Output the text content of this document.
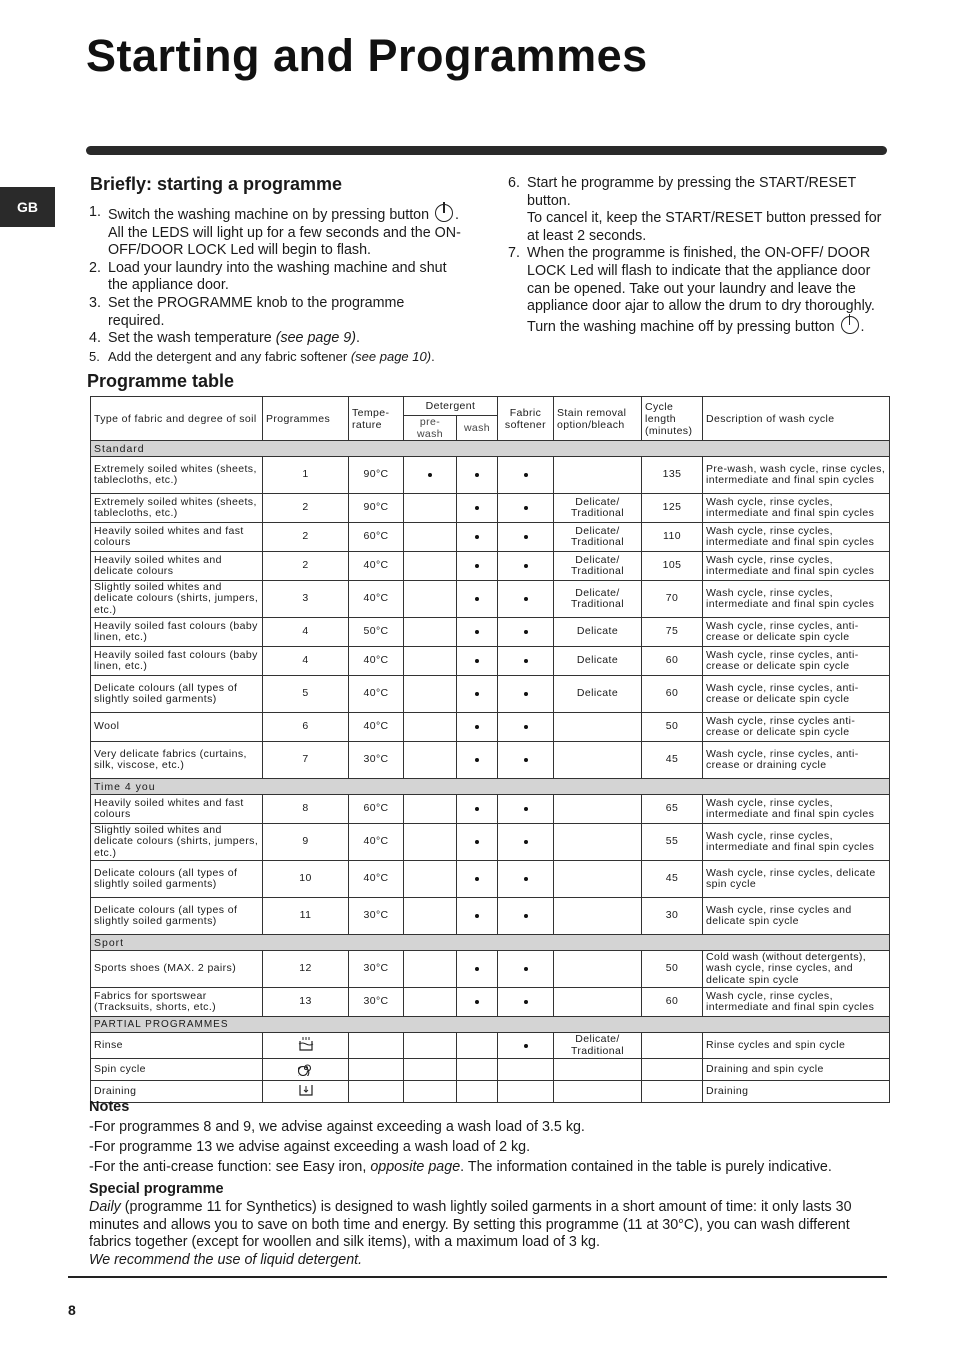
Starting and Programmes
GB
Briefly: starting a programme
1. Switch the washing machine on by pressing button . All the LEDS will light up for a few seconds and the ON-OFF/DOOR LOCK Led will begin to flash.
2. Load your laundry into the washing machine and shut the appliance door.
3. Set the PROGRAMME knob to the programme required.
4. Set the wash temperature (see page 9).
5. Add the detergent and any fabric softener (see page 10).
6. Start he programme by pressing the START/RESET button.
To cancel it, keep the START/RESET button pressed for at least 2 seconds.
7. When the programme is finished, the ON-OFF/ DOOR LOCK Led will flash to indicate that the appliance door can be opened. Take out your laundry and leave the appliance door ajar to allow the drum to dry thoroughly. Turn the washing machine off by pressing button .
Programme table
Type of fabric and degree of soil	Programmes	Tempe- rature	Detergent		Fabric softener	Stain removal option/bleach	Cycle length (minutes)	Description of wash cycle
			pre- wash	wash				
Standard								
Extremely soiled whites (sheets, tablecloths, etc.)	1	90°C					135	Pre-wash, wash cycle, rinse cycles, intermediate and final spin cycles
Extremely soiled whites (sheets, tablecloths, etc.)	2	90°C				Delicate/ Traditional	125	Wash cycle, rinse cycles, intermediate and final spin cycles
Heavily soiled whites and fast colours	2	60°C				Delicate/ Traditional	110	Wash cycle, rinse cycles, intermediate and final spin cycles
Heavily soiled whites and delicate colours	2	40°C				Delicate/ Traditional	105	Wash cycle, rinse cycles, intermediate and final spin cycles
Slightly soiled whites and delicate colours (shirts, jumpers, etc.)	3	40°C				Delicate/ Traditional	70	Wash cycle, rinse cycles, intermediate and final spin cycles
Heavily soiled fast colours (baby linen, etc.)	4	50°C				Delicate	75	Wash cycle, rinse cycles, anti-crease or delicate spin cycle
Heavily soiled fast colours (baby linen, etc.)	4	40°C				Delicate	60	Wash cycle, rinse cycles, anti-crease or delicate spin cycle
Delicate colours (all types of slightly soiled garments)	5	40°C				Delicate	60	Wash cycle, rinse cycles, anti-crease or delicate spin cycle
Wool	6	40°C					50	Wash cycle, rinse cycles anti-crease or delicate spin cycle
Very delicate fabrics (curtains, silk, viscose, etc.)	7	30°C					45	Wash cycle, rinse cycles, anti-crease or draining cycle
Time 4 you								
Heavily soiled whites and fast colours	8	60°C					65	Wash cycle, rinse cycles, intermediate and final spin cycles
Slightly soiled whites and delicate colours (shirts, jumpers, etc.)	9	40°C					55	Wash cycle, rinse cycles, intermediate and final spin cycles
Delicate colours (all types of slightly soiled garments)	10	40°C					45	Wash cycle, rinse cycles, delicate spin cycle
Delicate colours (all types of slightly soiled garments)	11	30°C					30	Wash cycle, rinse cycles and delicate spin cycle
Sport								
Sports shoes (MAX. 2 pairs)	12	30°C					50	Cold wash (without detergents), wash cycle, rinse cycles, and delicate spin cycle
Fabrics for sportswear (Tracksuits, shorts, etc.)	13	30°C					60	Wash cycle, rinse cycles, intermediate and final spin cycles
PARTIAL PROGRAMMES								
Rinse						Delicate/ Traditional		Rinse cycles and spin cycle
Spin cycle								Draining and spin cycle
Draining								Draining

Notes

-For programmes 8 and 9, we advise against exceeding a wash load of 3.5 kg.

-For programme 13 we advise against exceeding a wash load of 2 kg.

-For the anti-crease function: see Easy iron, opposite page. The information contained in the table is purely indicative.

Special programme

Daily (programme 11 for Synthetics) is designed to wash lightly soiled garments in a short amount of time: it only lasts 30 minutes and allows you to save on both time and energy. By setting this programme (11 at 30°C), you can wash different fabrics together (except for woollen and silk items), with a maximum load of 3 kg.
We recommend the use of liquid detergent.

8
